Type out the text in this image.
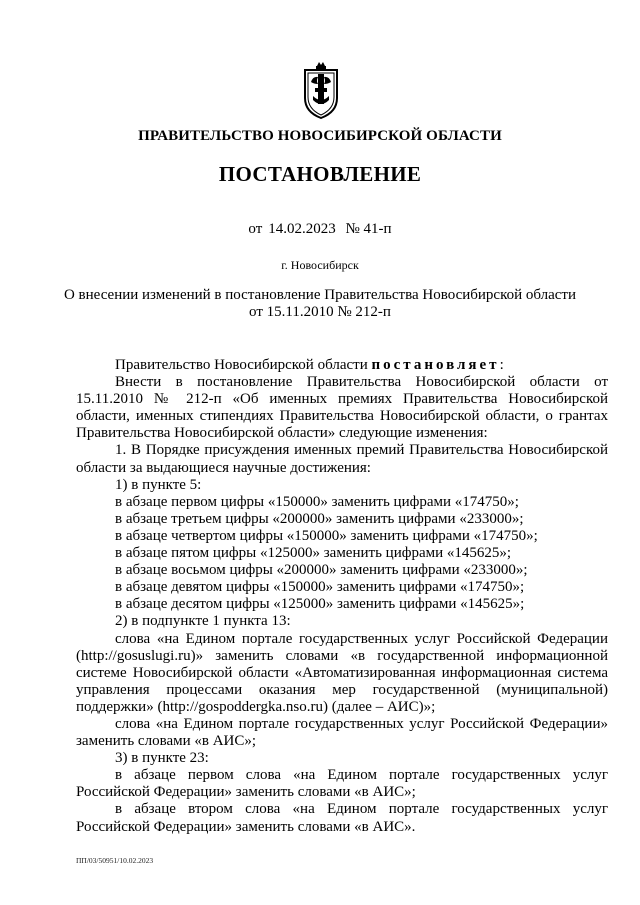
ПРАВИТЕЛЬСТВО НОВОСИБИРСКОЙ ОБЛАСТИ
ПОСТАНОВЛЕНИЕ
от 14.02.2023 № 41-п
г. Новосибирск
О внесении изменений в постановление Правительства Новосибирской области
от 15.11.2010 № 212-п

Правительство Новосибирской области постановляет:

Внести в постановление Правительства Новосибирской области от 15.11.2010 № 212-п «Об именных премиях Правительства Новосибирской области, именных стипендиях Правительства Новосибирской области, о грантах Правительства Новосибирской области» следующие изменения:

1. В Порядке присуждения именных премий Правительства Новосибирской области за выдающиеся научные достижения:

1) в пункте 5:

в абзаце первом цифры «150000» заменить цифрами «174750»;

в абзаце третьем цифры «200000» заменить цифрами «233000»;

в абзаце четвертом цифры «150000» заменить цифрами «174750»;

в абзаце пятом цифры «125000» заменить цифрами «145625»;

в абзаце восьмом цифры «200000» заменить цифрами «233000»;

в абзаце девятом цифры «150000» заменить цифрами «174750»;

в абзаце десятом цифры «125000» заменить цифрами «145625»;

2) в подпункте 1 пункта 13:

слова «на Едином портале государственных услуг Российской Федерации (http://gosuslugi.ru)» заменить словами «в государственной информационной системе Новосибирской области «Автоматизированная информационная система управления процессами оказания мер государственной (муниципальной) поддержки» (http://gospoddergka.nso.ru) (далее – АИС)»;

слова «на Едином портале государственных услуг Российской Федерации» заменить словами «в АИС»;

3) в пункте 23:

в абзаце первом слова «на Едином портале государственных услуг Российской Федерации» заменить словами «в АИС»;

в абзаце втором слова «на Едином портале государственных услуг Российской Федерации» заменить словами «в АИС».

ПП/03/50951/10.02.2023
